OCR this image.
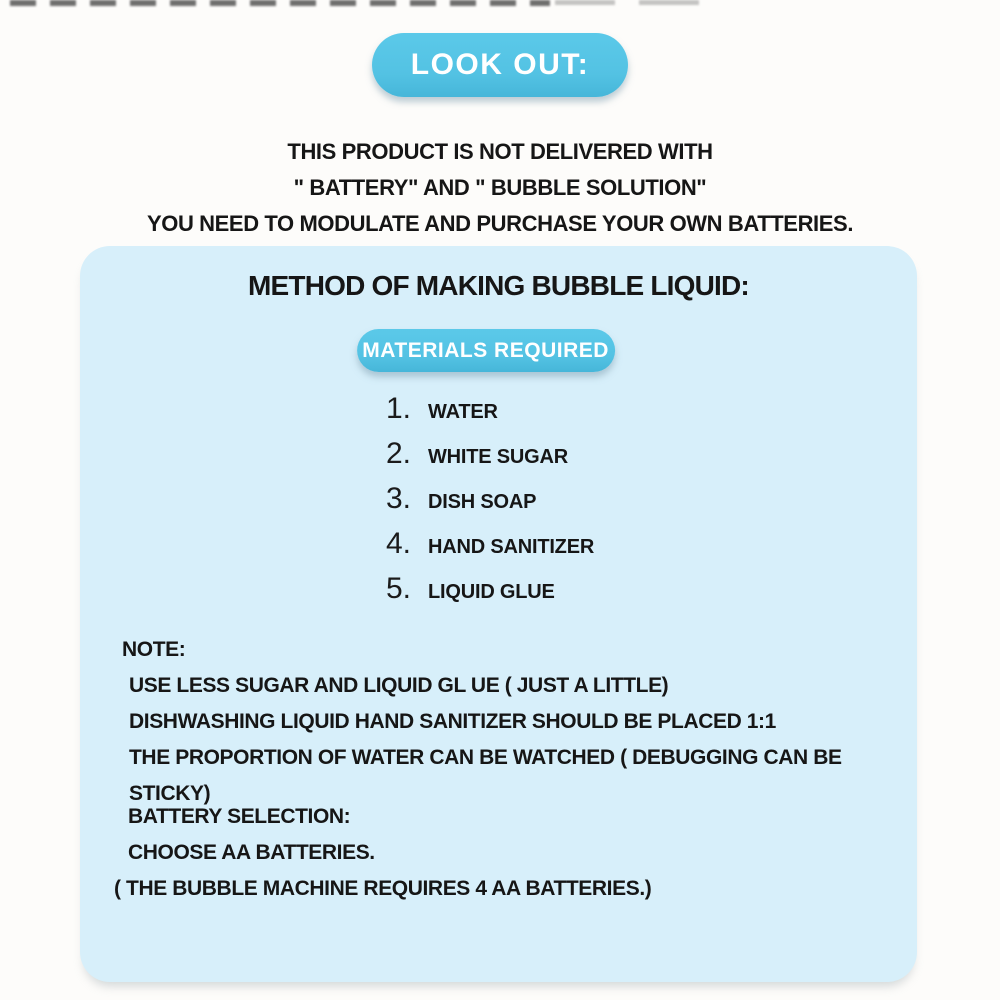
LOOK OUT:
THIS PRODUCT IS NOT DELIVERED WITH
" BATTERY" AND " BUBBLE SOLUTION"
YOU NEED TO MODULATE AND PURCHASE YOUR OWN BATTERIES.
METHOD OF MAKING BUBBLE LIQUID:
MATERIALS REQUIRED
1. WATER
2. WHITE SUGAR
3. DISH SOAP
4. HAND SANITIZER
5. LIQUID GLUE
NOTE:
USE LESS SUGAR AND LIQUID GL UE ( JUST A LITTLE)
DISHWASHING LIQUID HAND SANITIZER SHOULD BE PLACED 1:1
THE PROPORTION OF WATER CAN BE WATCHED ( DEBUGGING CAN BE STICKY)
BATTERY SELECTION:
CHOOSE AA BATTERIES.
( THE BUBBLE MACHINE REQUIRES 4 AA BATTERIES.)
